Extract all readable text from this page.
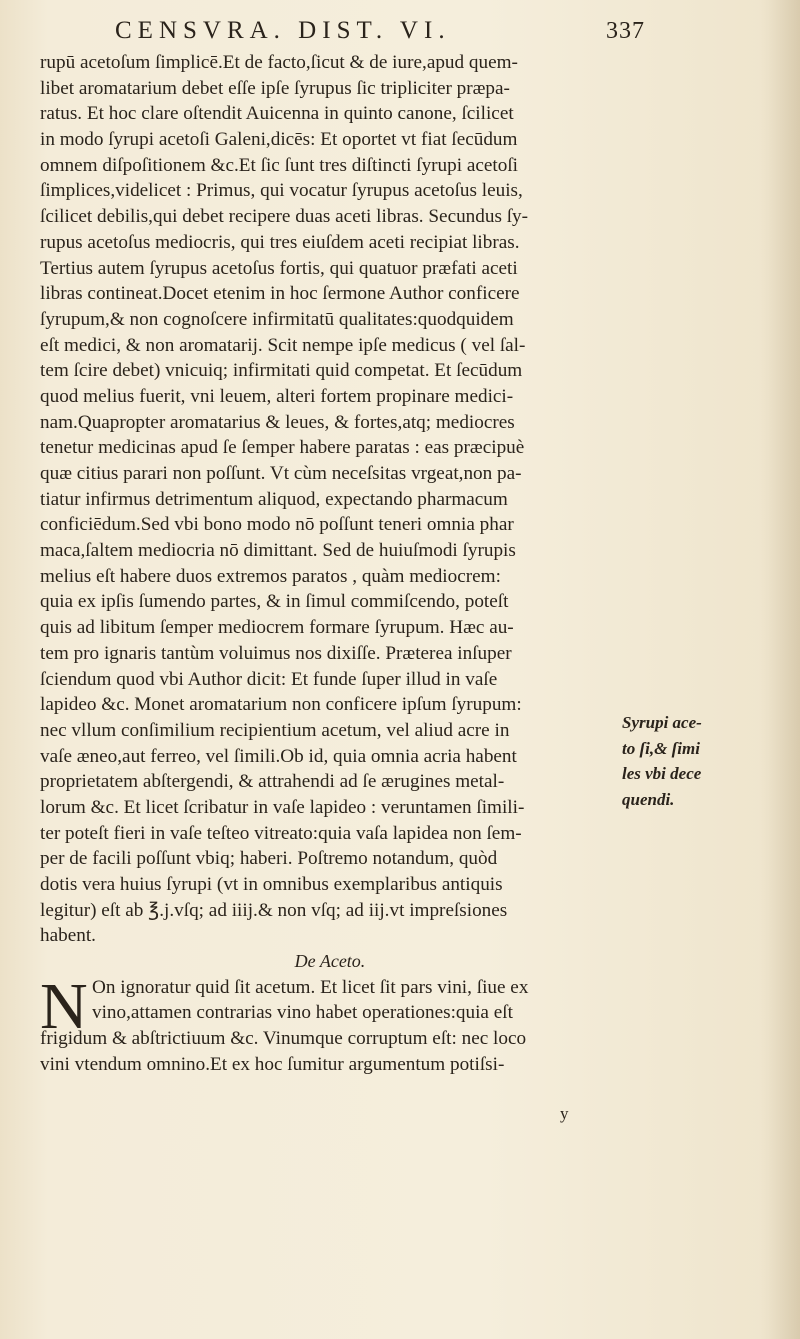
CENSVRA. DIST. VI.	337
rupū acetoſum ſimplicē.Et de facto,ſicut & de iure,apud quem-
libet aromatarium debet eſſe ipſe ſyrupus ſic tripliciter præpa-
ratus. Et hoc clare oſtendit Auicenna in quinto canone, ſcilicet
in modo ſyrupi acetoſi Galeni,dicēs: Et oportet vt fiat ſecūdum
omnem diſpoſitionem &c.Et ſic ſunt tres diſtincti ſyrupi acetoſi
ſimplices,videlicet : Primus, qui vocatur ſyrupus acetoſus leuis,
ſcilicet debilis,qui debet recipere duas aceti libras. Secundus ſy-
rupus acetoſus mediocris, qui tres eiuſdem aceti recipiat libras.
Tertius autem ſyrupus acetoſus fortis, qui quatuor præfati aceti
libras contineat.Docet etenim in hoc ſermone Author conficere
ſyrupum,& non cognoſcere infirmitatū qualitates:quodquidem
eſt medici, & non aromatarij. Scit nempe ipſe medicus ( vel ſal-
tem ſcire debet) vnicuiq; infirmitati quid competat. Et ſecūdum
quod melius fuerit, vni leuem, alteri fortem propinare medici-
nam.Quapropter aromatarius & leues, & fortes,atq; mediocres
tenetur medicinas apud ſe ſemper habere paratas : eas præcipuè
quæ citius parari non poſſunt. Vt cùm neceſsitas vrgeat,non pa-
tiatur infirmus detrimentum aliquod, expectando pharmacum
conficiēdum.Sed vbi bono modo nō poſſunt teneri omnia phar
maca,ſaltem mediocria nō dimittant. Sed de huiuſmodi ſyrupis
melius eſt habere duos extremos paratos , quàm mediocrem:
quia ex ipſis ſumendo partes, & in ſimul commiſcendo, poteſt
quis ad libitum ſemper mediocrem formare ſyrupum. Hæc au-
tem pro ignaris tantùm voluimus nos dixiſſe. Præterea inſuper
ſciendum quod vbi Author dicit: Et funde ſuper illud in vaſe
lapideo &c. Monet aromatarium non conficere ipſum ſyrupum:
nec vllum conſimilium recipientium acetum, vel aliud acre in
vaſe æneo,aut ferreo, vel ſimili.Ob id, quia omnia acria habent
proprietatem abſtergendi, & attrahendi ad ſe ærugines metal-
lorum &c. Et licet ſcribatur in vaſe lapideo : veruntamen ſimili-
ter poteſt fieri in vaſe teſteo vitreato:quia vaſa lapidea non ſem-
per de facili poſſunt vbiq; haberi. Poſtremo notandum, quòd
dotis vera huius ſyrupi (vt in omnibus exemplaribus antiquis
legitur) eſt ab ℥.j.vſq; ad iiij.& non vſq; ad iij.vt impreſsiones
habent.
De Aceto.
N On ignoratur quid ſit acetum. Et licet ſit pars vini, ſiue ex
vino,attamen contrarias vino habet operationes:quia eſt
frigidum & abſtrictiuum &c. Vinumque corruptum eſt: nec loco
vini vtendum omnino.Et ex hoc ſumitur argumentum potiſsi-
Syrupi ace-
to ſi,& ſimi
les vbi dece
quendi.
y
